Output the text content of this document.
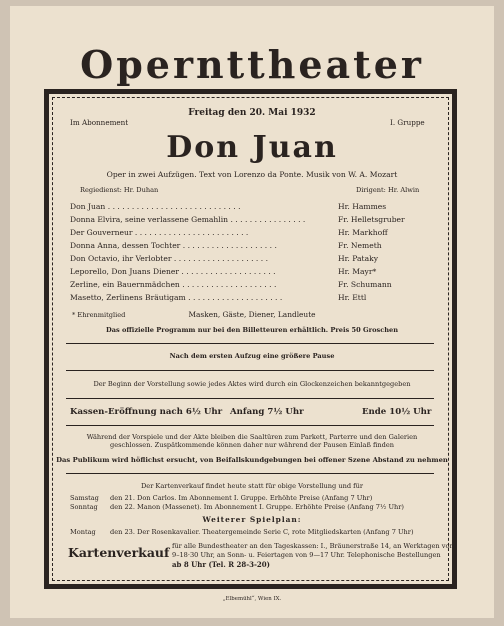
Opernttheater
Freitag den 20. Mai 1932
Im Abonnement	I. Gruppe
Don Juan
Oper in zwei Aufzügen. Text von Lorenzo da Ponte. Musik von W. A. Mozart
Regiedienst: Hr. Duhan	Dirigent: Hr. Alwin
Don Juan . . . . . . . . . . . . . . . . . . . . . . . . . . . .	Hr. Hammes
Donna Elvira, seine verlassene Gemahlin . . . . . . . . . . . . . . . .	Fr. Helletsgruber
Der Gouverneur . . . . . . . . . . . . . . . . . . . . . . . .	Hr. Markhoff
Donna Anna, dessen Tochter . . . . . . . . . . . . . . . . . . . .	Fr. Nemeth
Don Octavio, ihr Verlobter . . . . . . . . . . . . . . . . . . . .	Hr. Pataky
Leporello, Don Juans Diener . . . . . . . . . . . . . . . . . . . .	Hr. Mayr*
Zerline, ein Bauernmädchen . . . . . . . . . . . . . . . . . . . .	Fr. Schumann
Masetto, Zerlinens Bräutigam . . . . . . . . . . . . . . . . . . . .	Hr. Ettl
* Ehrenmitglied	Masken, Gäste, Diener, Landleute
Das offizielle Programm nur bei den Billetteuren erhältlich. Preis 50 Groschen
Nach dem ersten Aufzug eine größere Pause
Der Beginn der Vorstellung sowie jedes Aktes wird durch ein Glockenzeichen bekanntgegeben
Kassen-Eröffnung nach 6½ Uhr Anfang 7½ Uhr	Ende 10½ Uhr
Während der Vorspiele und der Akte bleiben die Saaltüren zum Parkett, Parterre und den Galerien
geschlossen. Zuspätkommende können daher nur während der Pausen Einlaß finden
Das Publikum wird höflichst ersucht, von Beifallskundgebungen bei offener Szene Abstand zu nehmen
Der Kartenverkauf findet heute statt für obige Vorstellung und für
Samstag den 21. Don Carlos. Im Abonnement I. Gruppe. Erhöhte Preise (Anfang 7 Uhr)
Sonntag den 22. Manon (Massenet). Im Abonnement I. Gruppe. Erhöhte Preise (Anfang 7½ Uhr)
Weiterer Spielplan:
Montag den 23. Der Rosenkavalier. Theatergemeinde Serie C, rote Mitgliedskarten (Anfang 7 Uhr)
Kartenverkauf für alle Bundestheater an den Tageskassen: I., Bräunerstraße 14, an Werktagen von
9–18·30 Uhr, an Sonn- u. Feiertagen von 9—17 Uhr. Telephonische Bestellungen
ab 8 Uhr (Tel. R 28-3-20)
„Elbemühl“, Wien IX.
